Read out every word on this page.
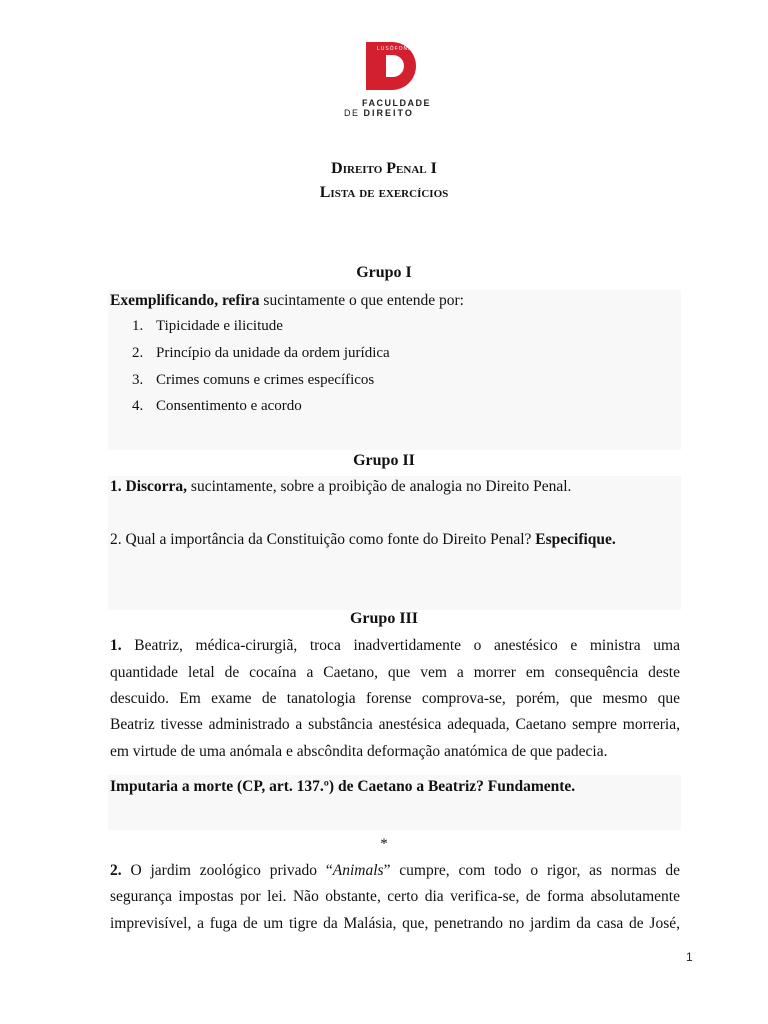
LUSÓFONA
FACULDADE
DE DIREITO
Direito Penal I
Lista de exercícios
Grupo I
Exemplificando, refira sucintamente o que entende por:
1. Tipicidade e ilicitude
2. Princípio da unidade da ordem jurídica
3. Crimes comuns e crimes específicos
4. Consentimento e acordo
Grupo II
1. Discorra, sucintamente, sobre a proibição de analogia no Direito Penal.
2. Qual a importância da Constituição como fonte do Direito Penal? Especifique.
Grupo III
1. Beatriz, médica-cirurgiã, troca inadvertidamente o anestésico e ministra uma
quantidade letal de cocaína a Caetano, que vem a morrer em consequência deste
descuido. Em exame de tanatologia forense comprova-se, porém, que mesmo que
Beatriz tivesse administrado a substância anestésica adequada, Caetano sempre morreria,
em virtude de uma anómala e abscôndita deformação anatómica de que padecia.
Imputaria a morte (CP, art. 137.º) de Caetano a Beatriz? Fundamente.
*
2. O jardim zoológico privado “Animals” cumpre, com todo o rigor, as normas de
segurança impostas por lei. Não obstante, certo dia verifica-se, de forma absolutamente
imprevisível, a fuga de um tigre da Malásia, que, penetrando no jardim da casa de José,
1
